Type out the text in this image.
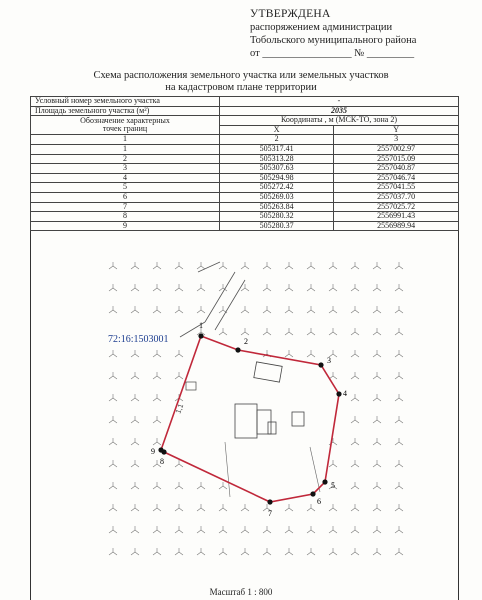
УТВЕРЖДЕНА
распоряжением администрации
Тобольского муниципального района
от _________________ № _________
Схема расположения земельного участка или земельных участков
на кадастровом плане территории
Условный номер земельного участка	-	
Площадь земельного участка (м²)	2035	

Обозначение характерных
точек границ	Координаты , м (МСК-ТО, зона 2)	
	X	Y
1	2	3
1	505317.41	2557002.97
2	505313.28	2557015.09
3	505307.63	2557040.87
4	505294.98	2557046.74
5	505272.42	2557041.55
6	505269.03	2557037.70
7	505263.84	2557025.72
8	505280.32	2556991.43
9	505280.37	2556989.94
1
2
3
4
5
6
7
8
9
72:16:1503001
1,1
Масштаб 1 : 800
